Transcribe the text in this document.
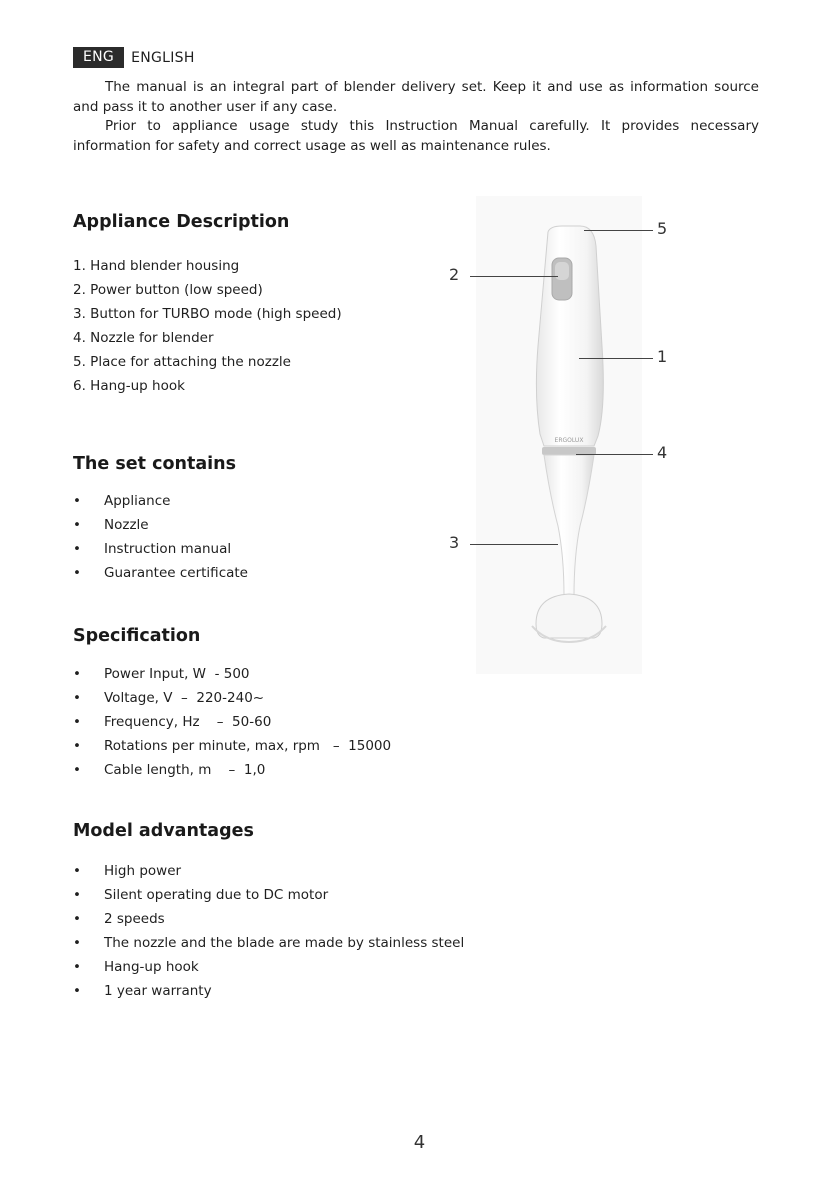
ENG	ENGLISH

The manual is an integral part of blender delivery set. Keep it and use as information source and pass it to another user if any case.

Prior to appliance usage study this Instruction Manual carefully. It provides necessary information for safety and correct usage as well as maintenance rules.

Appliance Description
1. Hand blender housing
2. Power button (low speed)
3. Button for TURBO mode (high speed)
4. Nozzle for blender
5. Place for attaching the nozzle
6. Hang-up hook
The set contains
• Appliance
• Nozzle
• Instruction manual
• Guarantee certificate
Specification
• Power Input, W  - 500
• Voltage, V  –  220-240~
• Frequency, Hz    –  50-60
• Rotations per minute, max, rpm   –  15000
• Cable length, m    –  1,0
Model advantages
• High power
• Silent operating due to DC motor
• 2 speeds
• The nozzle and the blade are made by stainless steel
• Hang-up hook
• 1 year warranty
ERGOLUX
5
2
1
4
3
4
